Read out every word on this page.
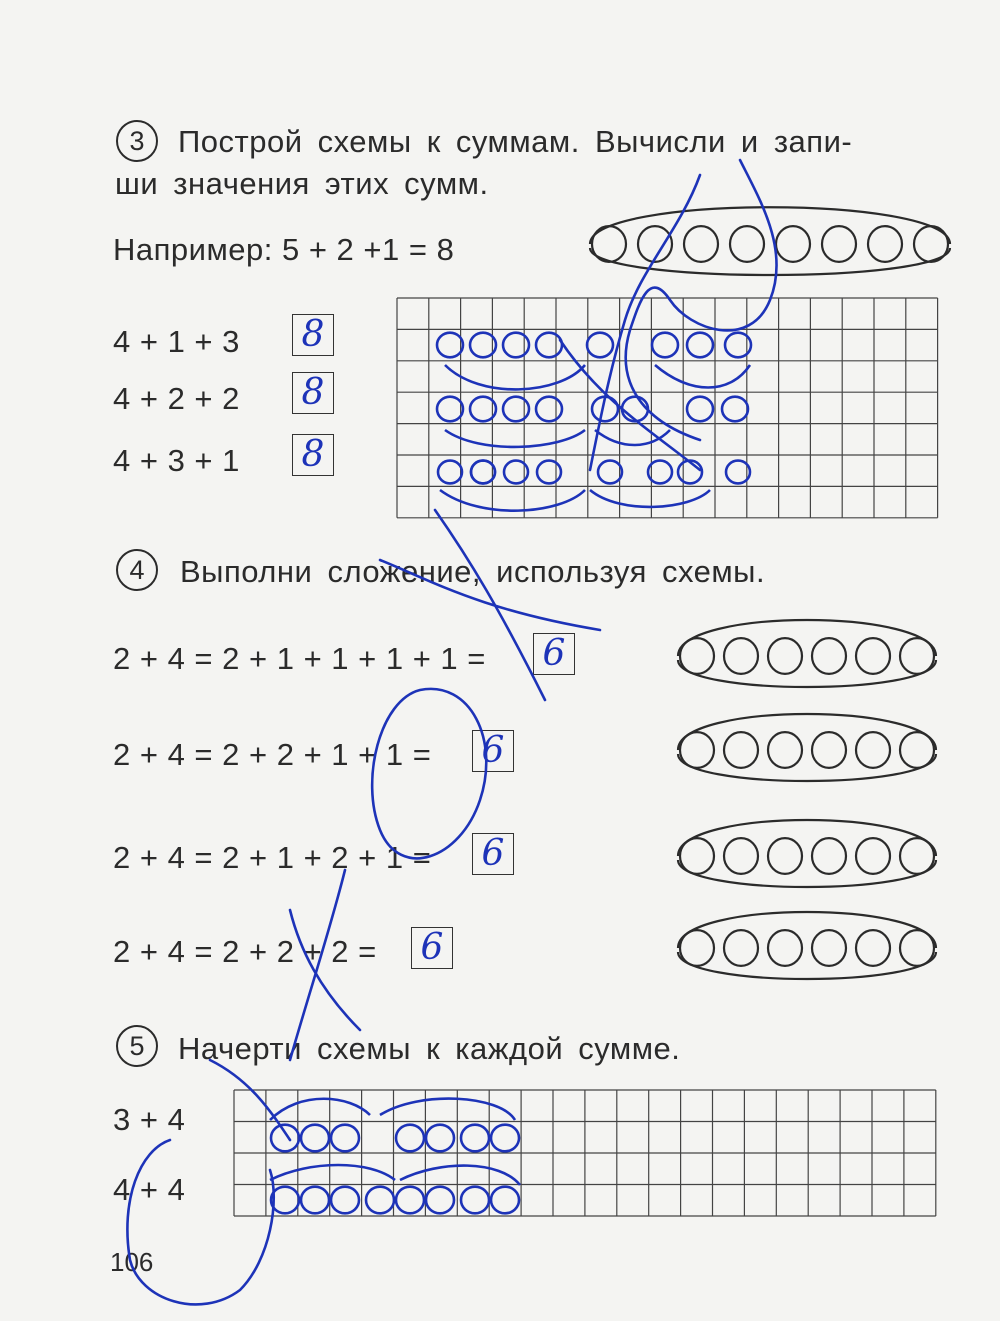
3	Построй схемы к суммам. Вычисли и запи-
ши значения этих сумм.
Например: 5 + 2 +1 = 8
4 + 1 + 3 8
4 + 2 + 2 8
4 + 3 + 1 8
4	Выполни сложение, используя схемы.
2 + 4 = 2 + 1 + 1 + 1 + 1 = 6
2 + 4 = 2 + 2 + 1 + 1 = 6
2 + 4 = 2 + 1 + 2 + 1 = 6
2 + 4 = 2 + 2 + 2 = 6
5	Начерти схемы к каждой сумме.
3 + 4
4 + 4
106
